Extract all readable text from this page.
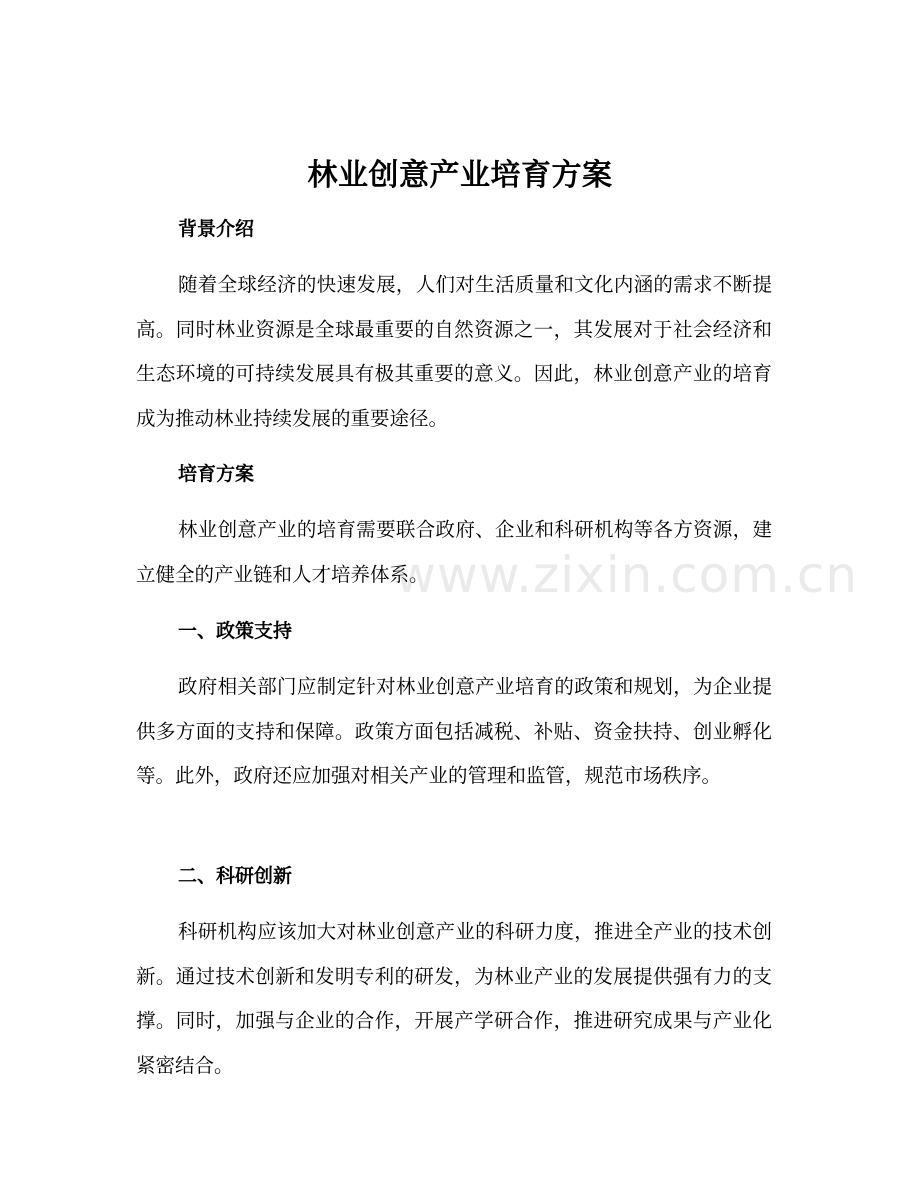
林业创意产业培育方案
背景介绍

随着全球经济的快速发展，人们对生活质量和文化内涵的需求不断提高。同时林业资源是全球最重要的自然资源之一，其发展对于社会经济和生态环境的可持续发展具有极其重要的意义。因此，林业创意产业的培育成为推动林业持续发展的重要途径。

培育方案

林业创意产业的培育需要联合政府、企业和科研机构等各方资源，建立健全的产业链和人才培养体系。

一、政策支持

政府相关部门应制定针对林业创意产业培育的政策和规划，为企业提供多方面的支持和保障。政策方面包括减税、补贴、资金扶持、创业孵化等。此外，政府还应加强对相关产业的管理和监管，规范市场秩序。

二、科研创新

科研机构应该加大对林业创意产业的科研力度，推进全产业的技术创新。通过技术创新和发明专利的研发，为林业产业的发展提供强有力的支撑。同时，加强与企业的合作，开展产学研合作，推进研究成果与产业化紧密结合。

www.zixin.com.cn
